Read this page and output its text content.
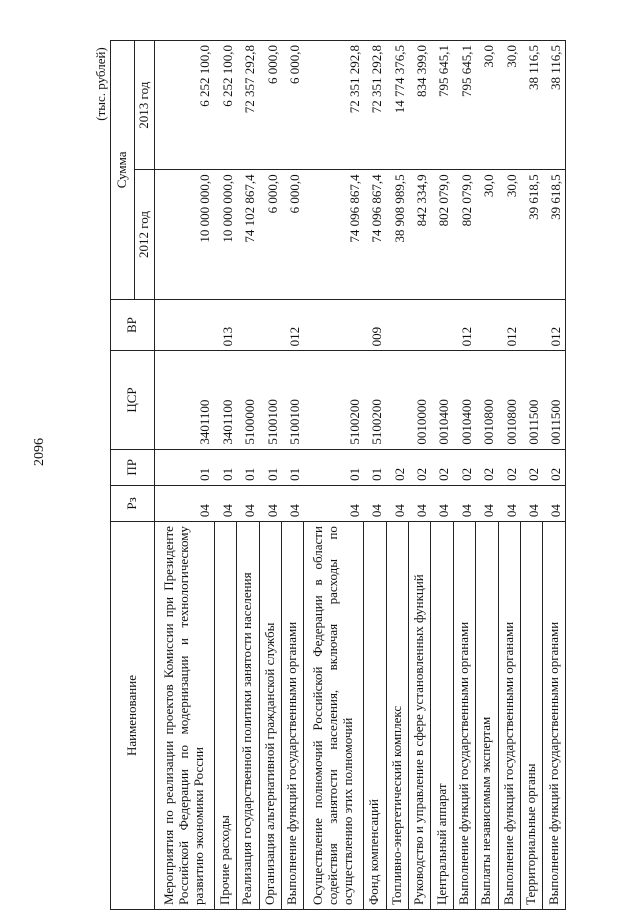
2096
(тыс. рублей)
Наименование	Рз	ПР	ЦСР	ВР	Сумма	
					2012 год	2013 год
Мероприятия по реализации проектов Комиссии при Президенте Российской Федерации по модернизации и технологическому развитию экономики России	04	01	3401100		10 000 000,0	6 252 100,0
Прочие расходы	04	01	3401100	013	10 000 000,0	6 252 100,0
Реализация государственной политики занятости населения	04	01	5100000		74 102 867,4	72 357 292,8
Организация альтернативной гражданской службы	04	01	5100100		6 000,0	6 000,0
Выполнение функций государственными органами	04	01	5100100	012	6 000,0	6 000,0
Осуществление полномочий Российской Федерации в области содействия занятости населения, включая расходы по осуществлению этих полномочий	04	01	5100200		74 096 867,4	72 351 292,8
Фонд компенсаций	04	01	5100200	009	74 096 867,4	72 351 292,8
Топливно-энергетический комплекс	04	02			38 908 989,5	14 774 376,5
Руководство и управление в сфере установленных функций	04	02	0010000		842 334,9	834 399,0
Центральный аппарат	04	02	0010400		802 079,0	795 645,1
Выполнение функций государственными органами	04	02	0010400	012	802 079,0	795 645,1
Выплаты независимым экспертам	04	02	0010800		30,0	30,0
Выполнение функций государственными органами	04	02	0010800	012	30,0	30,0
Территориальные органы	04	02	0011500		39 618,5	38 116,5
Выполнение функций государственными органами	04	02	0011500	012	39 618,5	38 116,5
